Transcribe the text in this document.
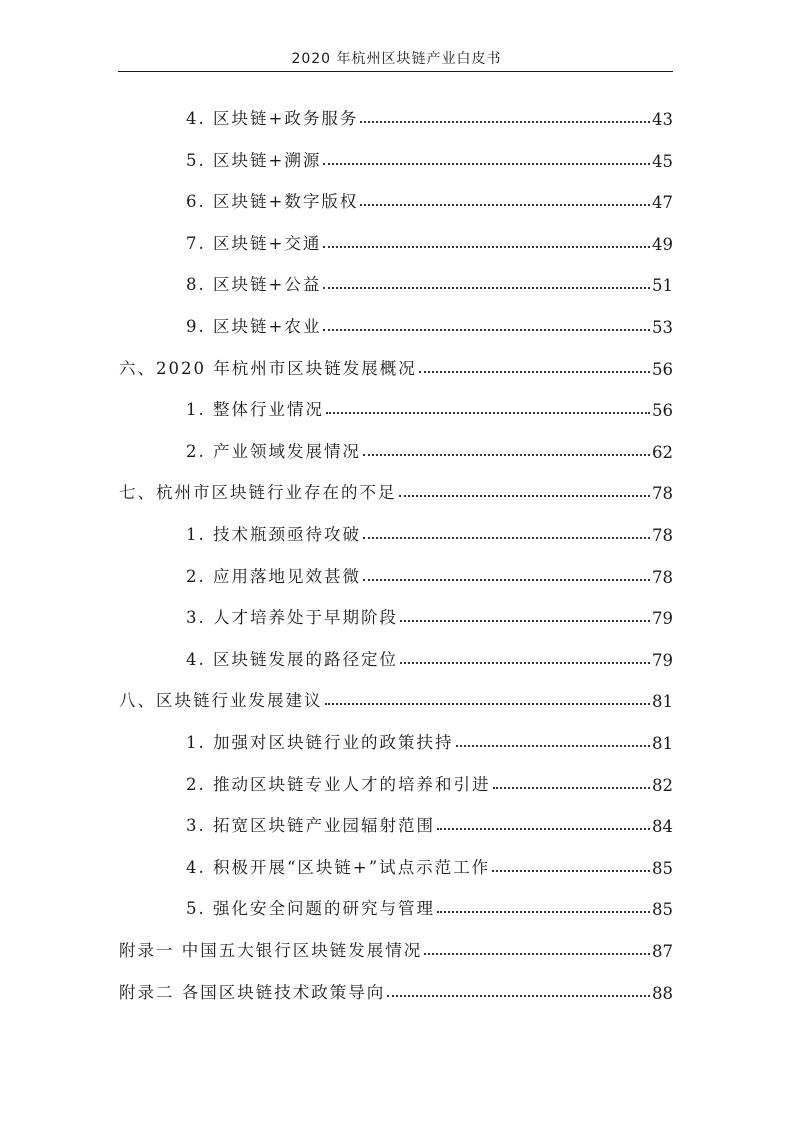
2020 年杭州区块链产业白皮书
4. 区块链+政务服务	43
5. 区块链+溯源	45
6. 区块链+数字版权	47
7. 区块链+交通	49
8. 区块链+公益	51
9. 区块链+农业	53
六、2020 年杭州市区块链发展概况	56
1. 整体行业情况	56
2. 产业领域发展情况	62
七、杭州市区块链行业存在的不足	78
1. 技术瓶颈亟待攻破	78
2. 应用落地见效甚微	78
3. 人才培养处于早期阶段	79
4. 区块链发展的路径定位	79
八、区块链行业发展建议	81
1. 加强对区块链行业的政策扶持	81
2. 推动区块链专业人才的培养和引进	82
3. 拓宽区块链产业园辐射范围	84
4. 积极开展“区块链+”试点示范工作	85
5. 强化安全问题的研究与管理	85
附录一 中国五大银行区块链发展情况	87
附录二 各国区块链技术政策导向	88
